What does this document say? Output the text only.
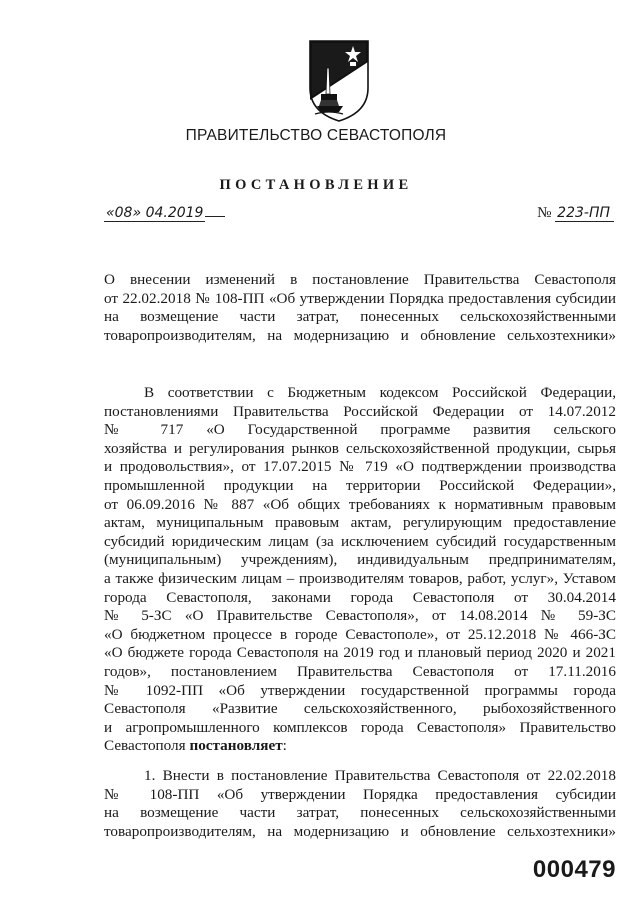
ПРАВИТЕЛЬСТВО СЕВАСТОПОЛЯ
ПОСТАНОВЛЕНИЕ
«08» 04.2019	№ 223-ПП
О внесении изменений в постановление Правительства Севастополя
от 22.02.2018 № 108-ПП «Об утверждении Порядка предоставления субсидии
на возмещение части затрат, понесенных сельскохозяйственными
товаропроизводителям, на модернизацию и обновление сельхозтехники»
В соответствии с Бюджетным кодексом Российской Федерации,
постановлениями Правительства Российской Федерации от 14.07.2012
№ 717 «О Государственной программе развития сельского
хозяйства и регулирования рынков сельскохозяйственной продукции, сырья
и продовольствия», от 17.07.2015 № 719 «О подтверждении производства
промышленной продукции на территории Российской Федерации»,
от 06.09.2016 № 887 «Об общих требованиях к нормативным правовым
актам, муниципальным правовым актам, регулирующим предоставление
субсидий юридическим лицам (за исключением субсидий государственным
(муниципальным) учреждениям), индивидуальным предпринимателям,
а также физическим лицам – производителям товаров, работ, услуг», Уставом
города Севастополя, законами города Севастополя от 30.04.2014
№ 5-ЗС «О Правительстве Севастополя», от 14.08.2014 № 59-ЗС
«О бюджетном процессе в городе Севастополе», от 25.12.2018 № 466-ЗС
«О бюджете города Севастополя на 2019 год и плановый период 2020 и 2021
годов», постановлением Правительства Севастополя от 17.11.2016
№ 1092-ПП «Об утверждении государственной программы города
Севастополя «Развитие сельскохозяйственного, рыбохозяйственного
и агропромышленного комплексов города Севастополя» Правительство
Севастополя постановляет:
1. Внести в постановление Правительства Севастополя от 22.02.2018
№ 108-ПП «Об утверждении Порядка предоставления субсидии
на возмещение части затрат, понесенных сельскохозяйственными
товаропроизводителям, на модернизацию и обновление сельхозтехники»
000479
